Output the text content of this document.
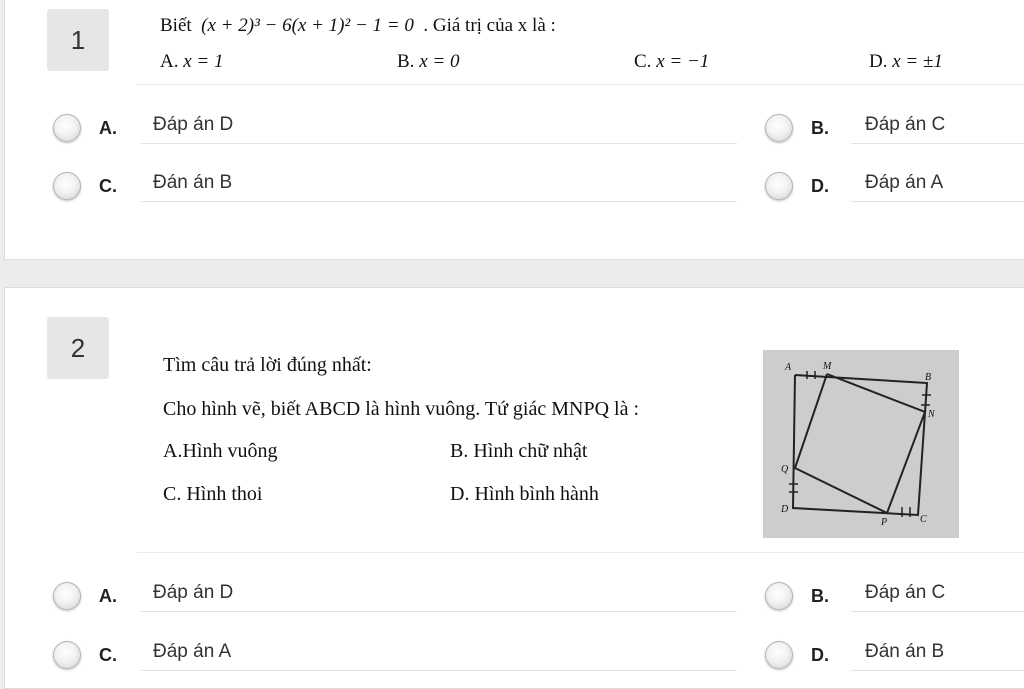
1	Biết (x + 2)³ − 6(x + 1)² − 1 = 0 . Giá trị của x là :
A. x = 1	B. x = 0	C. x = −1	D. x = ±1
A.	Đáp án D	B.	Đáp án C
C.	Đán án B	D.	Đáp án A
2
Tìm câu trả lời đúng nhất:
Cho hình vẽ, biết ABCD là hình vuông. Tứ giác MNPQ là :
A.Hình vuông	B. Hình chữ nhật
C. Hình thoi	D. Hình bình hành
A	M
B
N
Q
D
P	C
A.	Đáp án D	B.	Đáp án C
C.	Đáp án A	D.	Đán án B
